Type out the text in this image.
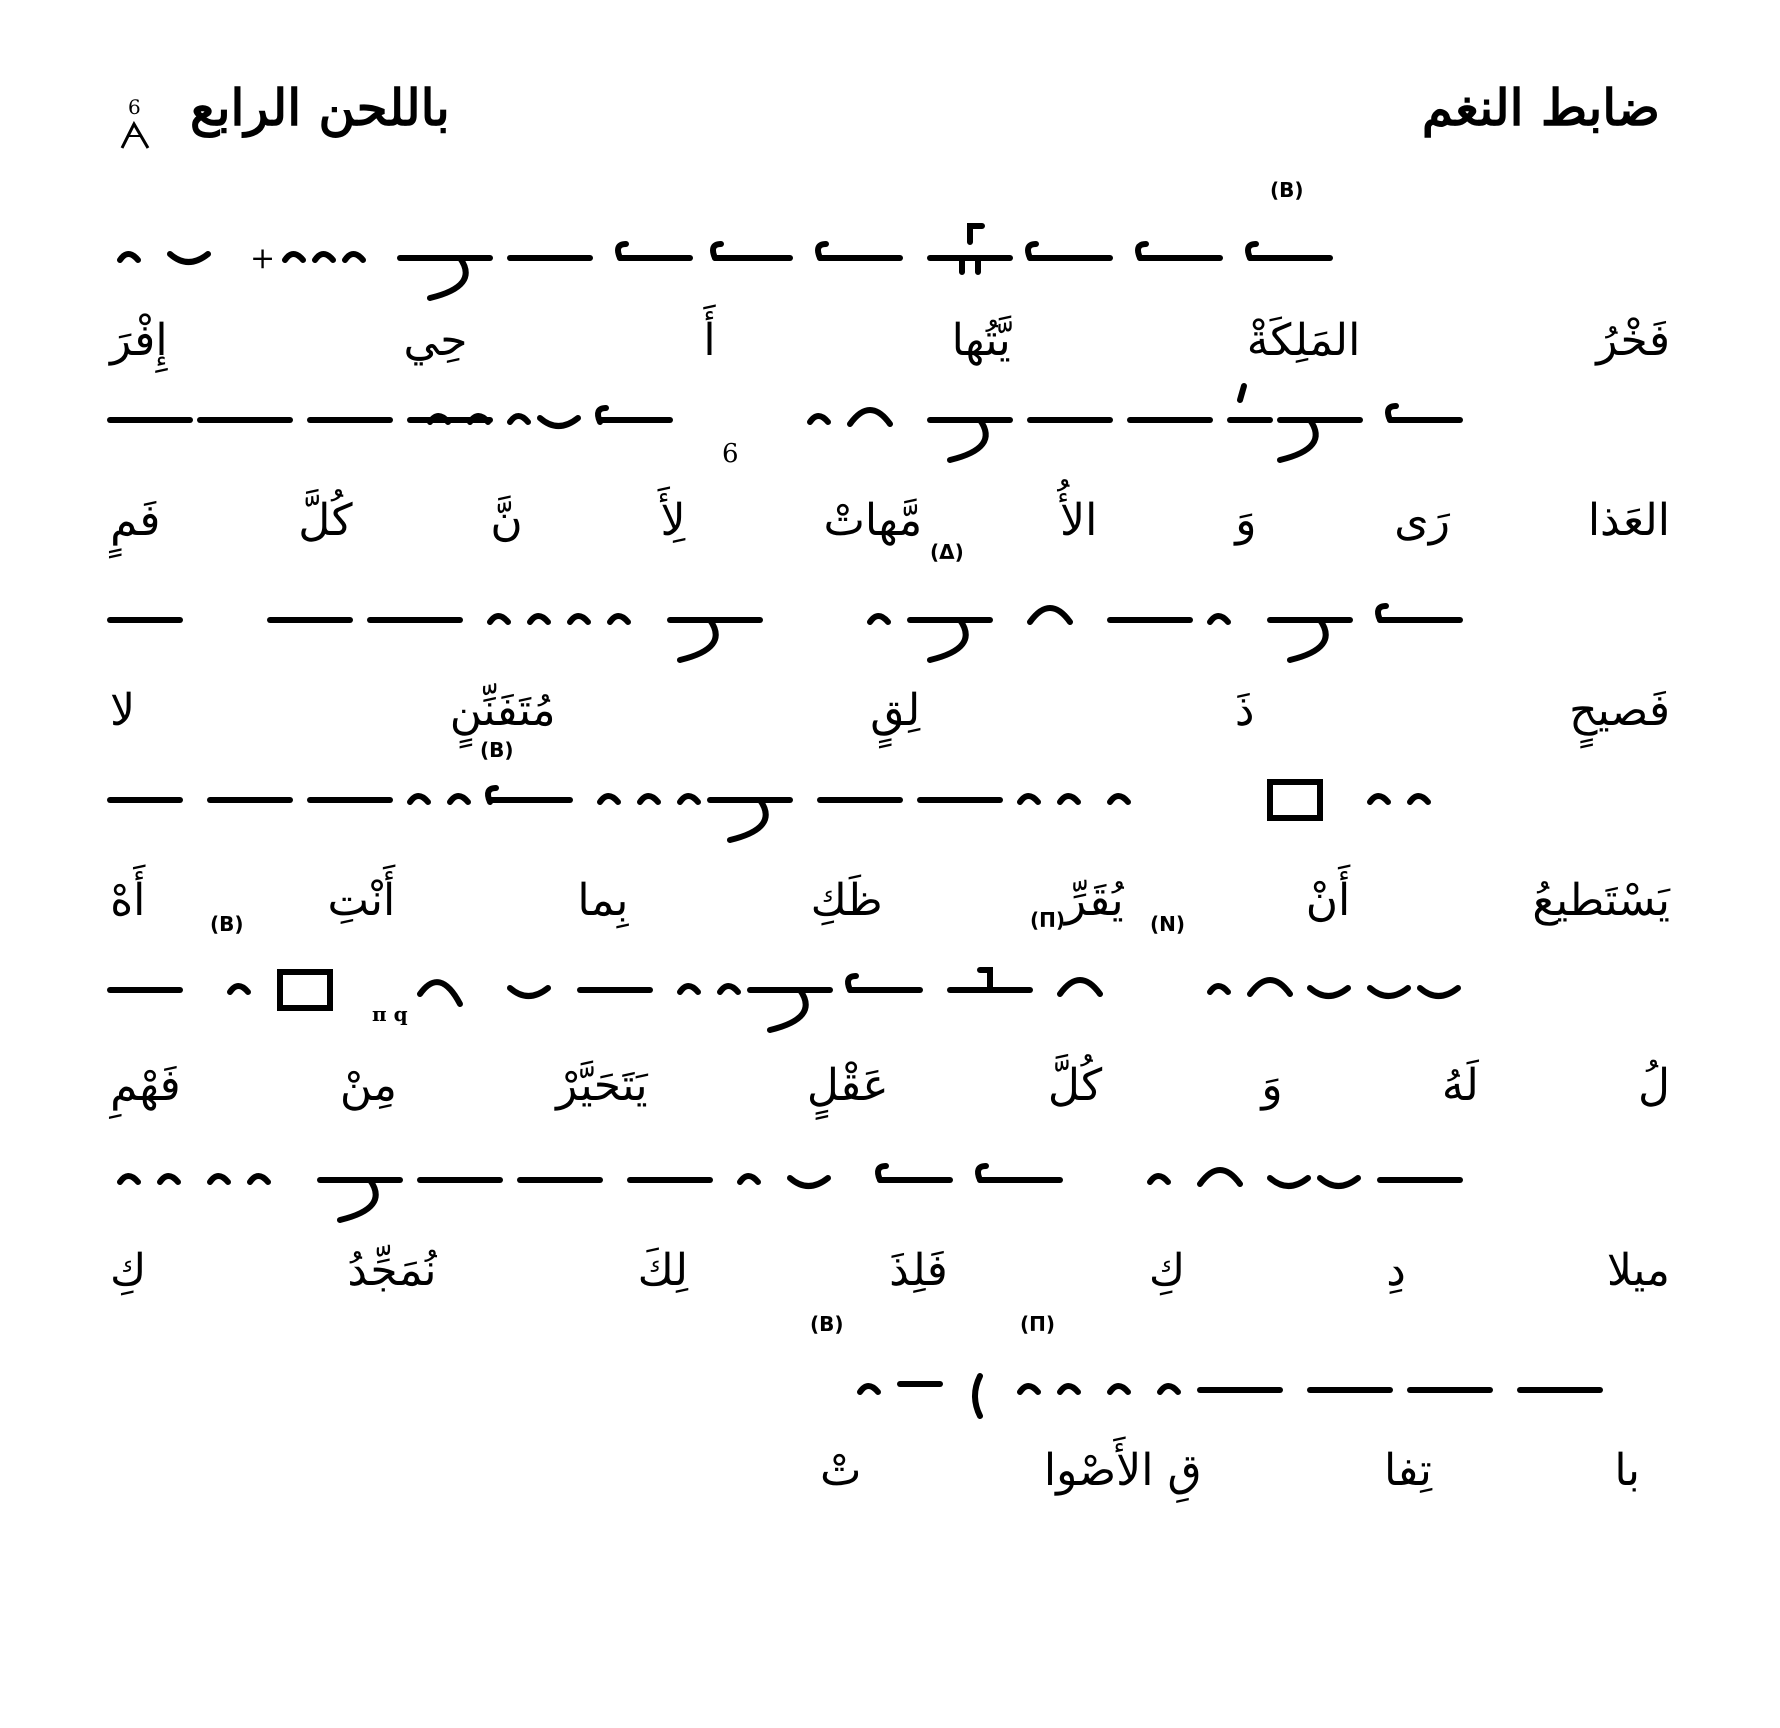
ضابط النغم
باللحن الرابع
6
+
(B)
فَخْرُ
المَلِكَةْ
يَّتُها
أَ
حِي
إِفْرَ
6
العَذا
رَى
وَ
الأُ
مَّهاتْ
لِأَ
نَّ
كُلَّ
فَمٍ
(Δ)
فَصيحٍ
ذَ
لِقٍ
مُتَفَنِّنٍ
لا
(B)
يَسْتَطيعُ
أَنْ
يُقَرِّ
ظَكِ
بِما
أَنْتِ
أَهْ	(B)	(Π)	(N)
π q
لُ
لَهُ
وَ
كُلَّ
عَقْلٍ
يَتَحَيَّرْ
مِنْ
فَهْمِ
ميلا
دِ
كِ
فَلِذَ
لِكَ
نُمَجِّدُ
كِ
(B)	(Π)
با
تِفا
قِ الأَصْوا
تْ
